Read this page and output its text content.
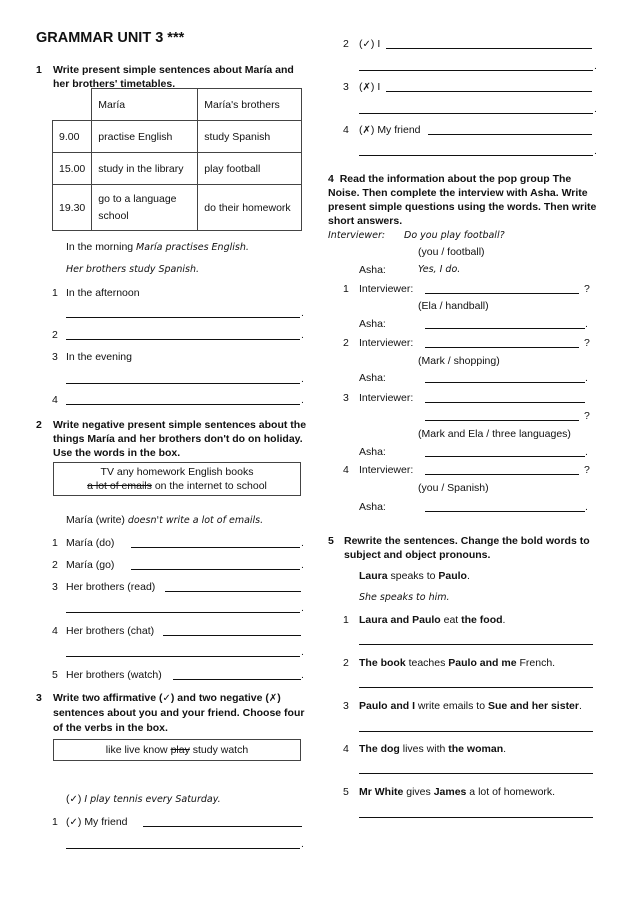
GRAMMAR UNIT 3 ***
1 Write present simple sentences about María and
her brothers' timetables.
	María	María's brothers
9.00	practise English	study Spanish
15.00	study in the library	play football
19.30	go to a language school	do their homework
In the morning María practises English.
Her brothers study Spanish.
1 In the afternoon
.
2	.
3 In the evening
.
4	.
2 Write negative present simple sentences about the
things María and her brothers don't do on holiday.
Use the words in the box.
TV any homework English books
a lot of emails on the internet to school
María (write) doesn't write a lot of emails.
1 María (do)	.
2 María (go)	.
3 Her brothers (read)
.
4 Her brothers (chat)
.
5 Her brothers (watch)	.
3 Write two affirmative (✓) and two negative (✗)
sentences about you and your friend. Choose four
of the verbs in the box.
like live know play study watch
(✓) I play tennis every Saturday.
1 (✓) My friend
.
2 (✓) I
.
3 (✗) I
.
4 (✗) My friend
.
4 Read the information about the pop group The
Noise. Then complete the interview with Asha. Write
present simple questions using the words. Then write
short answers.
Interviewer: Do you play football?
(you / football)
Asha:	Yes, I do.
1 Interviewer:	?
(Ela / handball)
Asha:	.
2 Interviewer:	?
(Mark / shopping)
Asha:	.
3 Interviewer:
?
(Mark and Ela / three languages)
Asha:	.
4 Interviewer:	?
(you / Spanish)
Asha:	.
5 Rewrite the sentences. Change the bold words to
subject and object pronouns.
Laura speaks to Paulo.
She speaks to him.
1 Laura and Paulo eat the food.
2 The book teaches Paulo and me French.
3 Paulo and I write emails to Sue and her sister.
4 The dog lives with the woman.
5 Mr White gives James a lot of homework.
